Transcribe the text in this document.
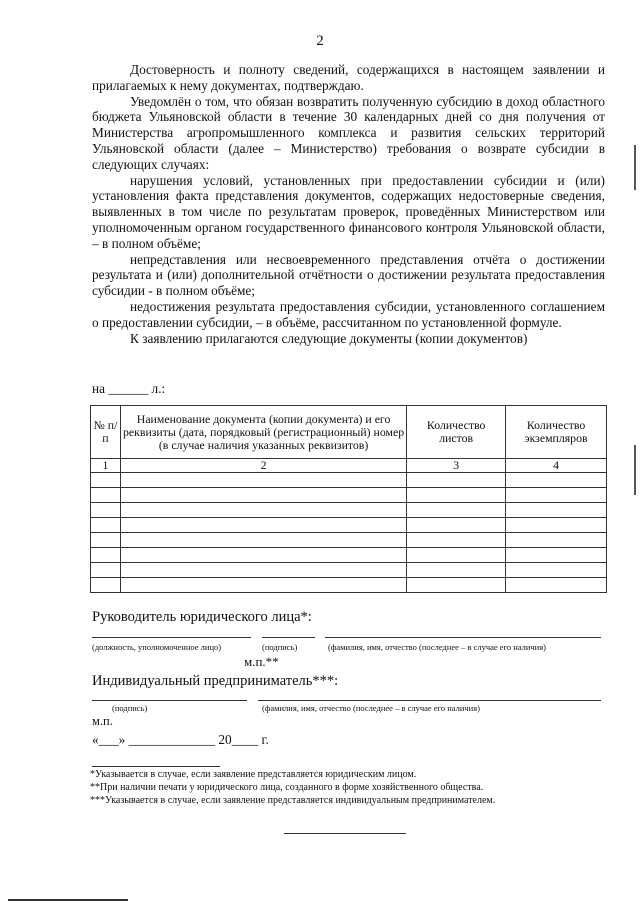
2

Достоверность и полноту сведений, содержащихся в настоящем заявлении и прилагаемых к нему документах, подтверждаю.

Уведомлён о том, что обязан возвратить полученную субсидию в доход областного бюджета Ульяновской области в течение 30 календарных дней со дня получения от Министерства агропромышленного комплекса и развития сельских территорий Ульяновской области (далее – Министерство) требования о возврате субсидии в следующих случаях:

нарушения условий, установленных при предоставлении субсидии и (или) установления факта представления документов, содержащих недостоверные сведения, выявленных в том числе по результатам проверок, проведённых Министерством или уполномоченным органом государственного финансового контроля Ульяновской области, – в полном объёме;

непредставления или несвоевременного представления отчёта о достижении результата и (или) дополнительной отчётности о достижении результата предоставления субсидии - в полном объёме;

недостижения результата предоставления субсидии, установленного соглашением о предоставлении субсидии, – в объёме, рассчитанном по установленной формуле.

К заявлению прилагаются следующие документы (копии документов)

на ______ л.:
№ п/п	Наименование документа (копии документа) и его реквизиты (дата, порядковый (регистрационный) номер (в случае наличия указанных реквизитов)	Количество листов	Количество экземпляров
1	2	3	4

Руководитель юридического лица*:
(должность, уполномоченное лицо)	(подпись)	(фамилия, имя, отчество (последнее – в случае его наличия)
м.п.**
Индивидуальный предприниматель***:
(подпись)	(фамилия, имя, отчество (последнее – в случае его наличия)
м.п.
«___» _____________ 20____ г.
*Указывается в случае, если заявление представляется юридическим лицом.
**При наличии печати у юридического лица, созданного в форме хозяйственного общества.
***Указывается в случае, если заявление представляется индивидуальным предпринимателем.
